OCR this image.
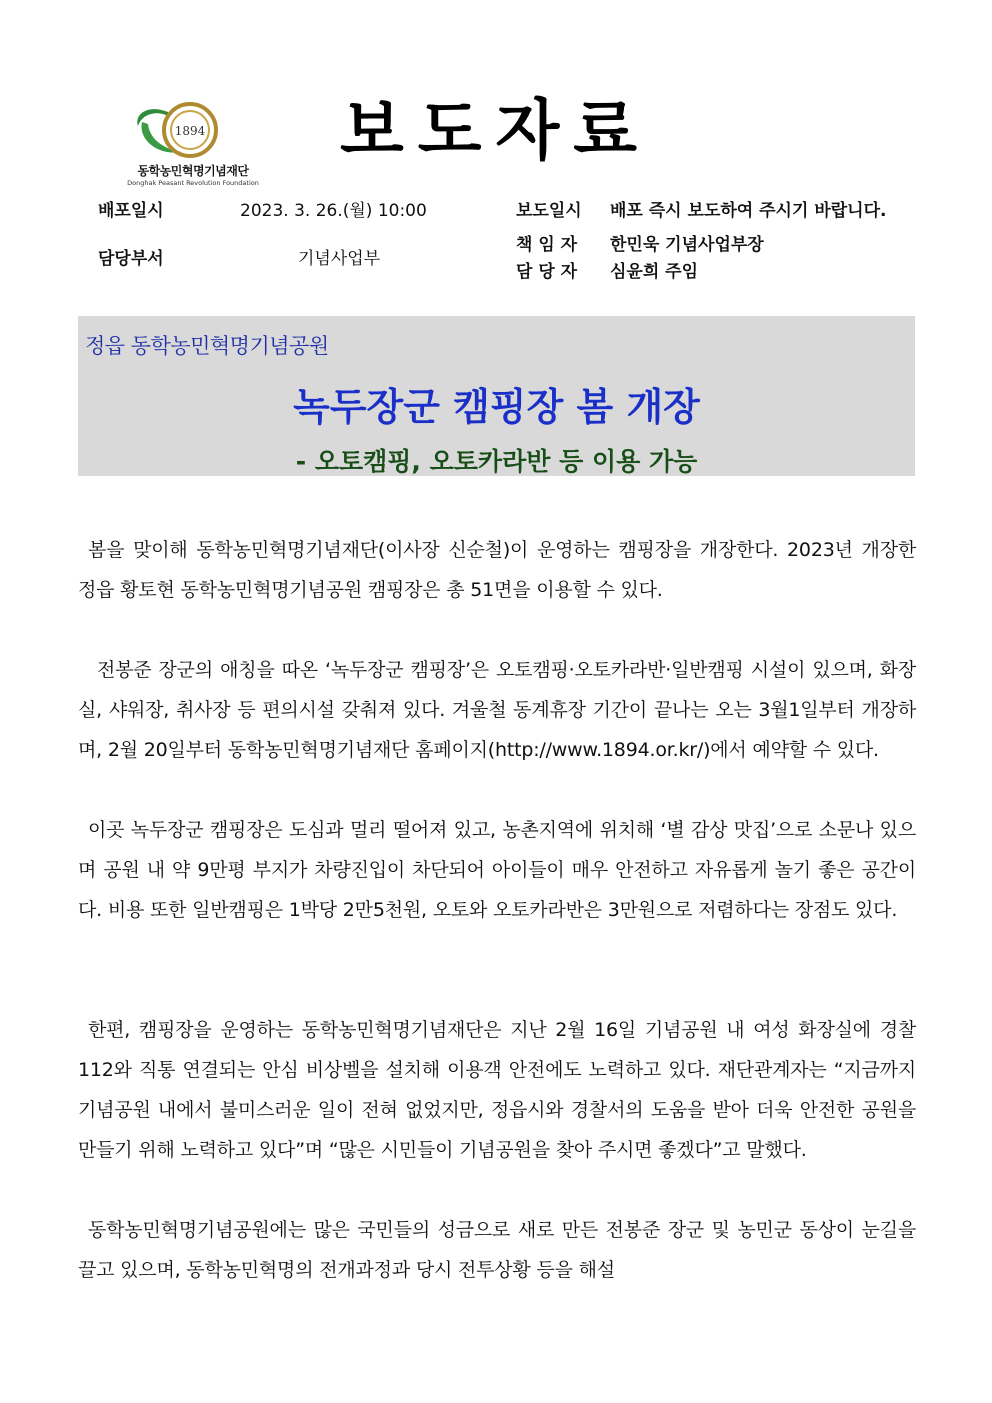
1894
동학농민혁명기념재단
Donghak Peasant Revolution Foundation
보도자료
배포일시	2023. 3. 26.(월) 10:00
담당부서	기념사업부
보도일시 배포 즉시 보도하여 주시기 바랍니다.
책 임 자 한민욱 기념사업부장
담 당 자 심윤희 주임
정읍 동학농민혁명기념공원
녹두장군 캠핑장 봄 개장
- 오토캠핑, 오토카라반 등 이용 가능
봄을 맞이해 동학농민혁명기념재단(이사장 신순철)이 운영하는 캠핑장을 개장한다. 2023년 개장한 정읍 황토현 동학농민혁명기념공원 캠핑장은 총 51면을 이용할 수 있다.
전봉준 장군의 애칭을 따온 ‘녹두장군 캠핑장’은 오토캠핑·오토카라반·일반캠핑 시설이 있으며, 화장실, 샤워장, 취사장 등 편의시설 갖춰져 있다. 겨울철 동계휴장 기간이 끝나는 오는 3월1일부터 개장하며, 2월 20일부터 동학농민혁명기념재단 홈페이지(http://www.1894.or.kr/)에서 예약할 수 있다.
이곳 녹두장군 캠핑장은 도심과 멀리 떨어져 있고, 농촌지역에 위치해 ‘별 감상 맛집’으로 소문나 있으며 공원 내 약 9만평 부지가 차량진입이 차단되어 아이들이 매우 안전하고 자유롭게 놀기 좋은 공간이다. 비용 또한 일반캠핑은 1박당 2만5천원, 오토와 오토카라반은 3만원으로 저렴하다는 장점도 있다.
한편, 캠핑장을 운영하는 동학농민혁명기념재단은 지난 2월 16일 기념공원 내 여성 화장실에 경찰 112와 직통 연결되는 안심 비상벨을 설치해 이용객 안전에도 노력하고 있다. 재단관계자는 “지금까지 기념공원 내에서 불미스러운 일이 전혀 없었지만, 정읍시와 경찰서의 도움을 받아 더욱 안전한 공원을 만들기 위해 노력하고 있다”며 “많은 시민들이 기념공원을 찾아 주시면 좋겠다”고 말했다.
동학농민혁명기념공원에는 많은 국민들의 성금으로 새로 만든 전봉준 장군 및 농민군 동상이 눈길을 끌고 있으며, 동학농민혁명의 전개과정과 당시 전투상황 등을 해설
